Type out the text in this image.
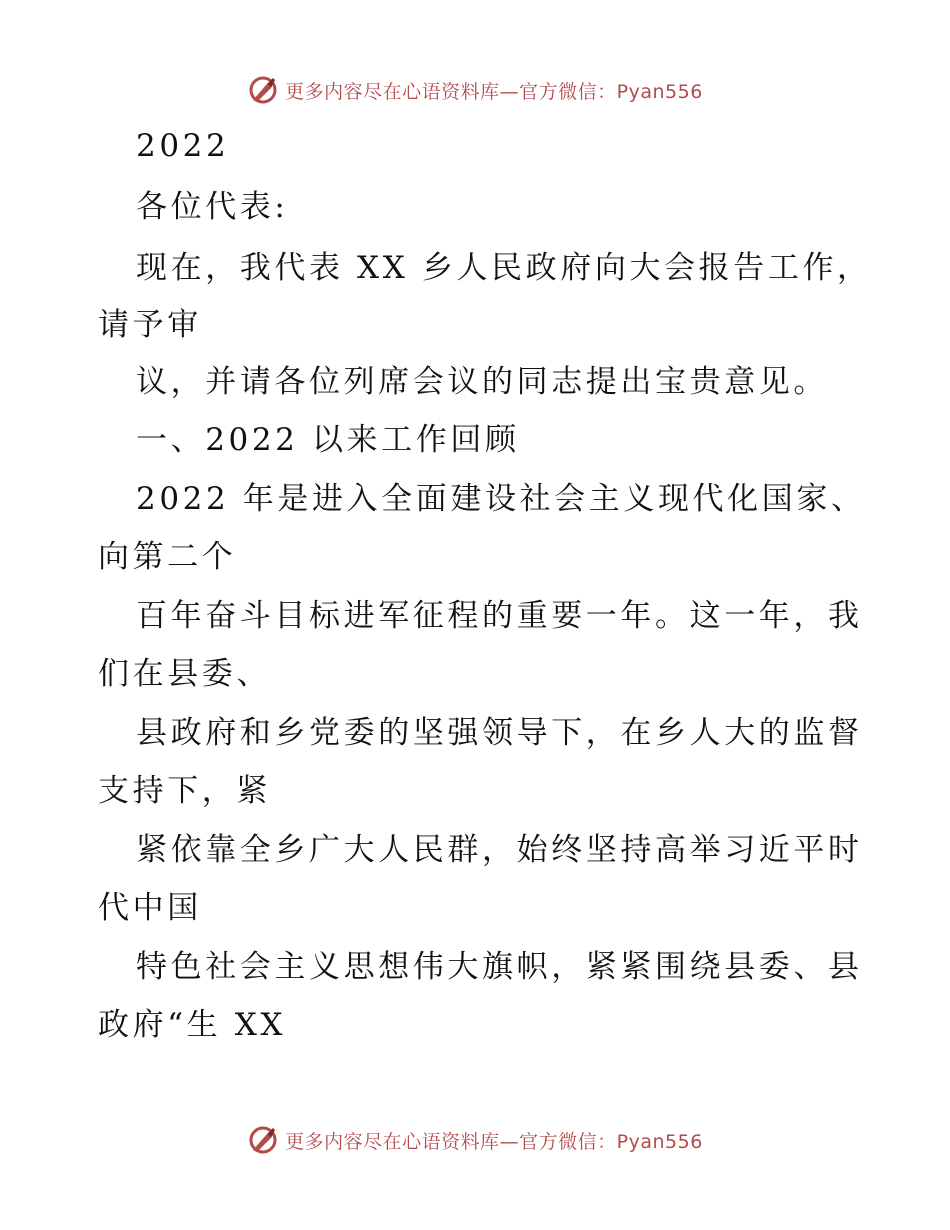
更多内容尽在心语资料库—官方微信：Pyan556
2022
各位代表:
现在，我代表 XX 乡人民政府向大会报告工作，
请予审
议，并请各位列席会议的同志提出宝贵意见。
一、2022 以来工作回顾
2022 年是进入全面建设社会主义现代化国家、
向第二个
百年奋斗目标进军征程的重要一年。这一年，我
们在县委、
县政府和乡党委的坚强领导下，在乡人大的监督
支持下，紧
紧依靠全乡广大人民群，始终坚持高举习近平时
代中国
特色社会主义思想伟大旗帜，紧紧围绕县委、县
政府“生 XX
更多内容尽在心语资料库—官方微信：Pyan556
